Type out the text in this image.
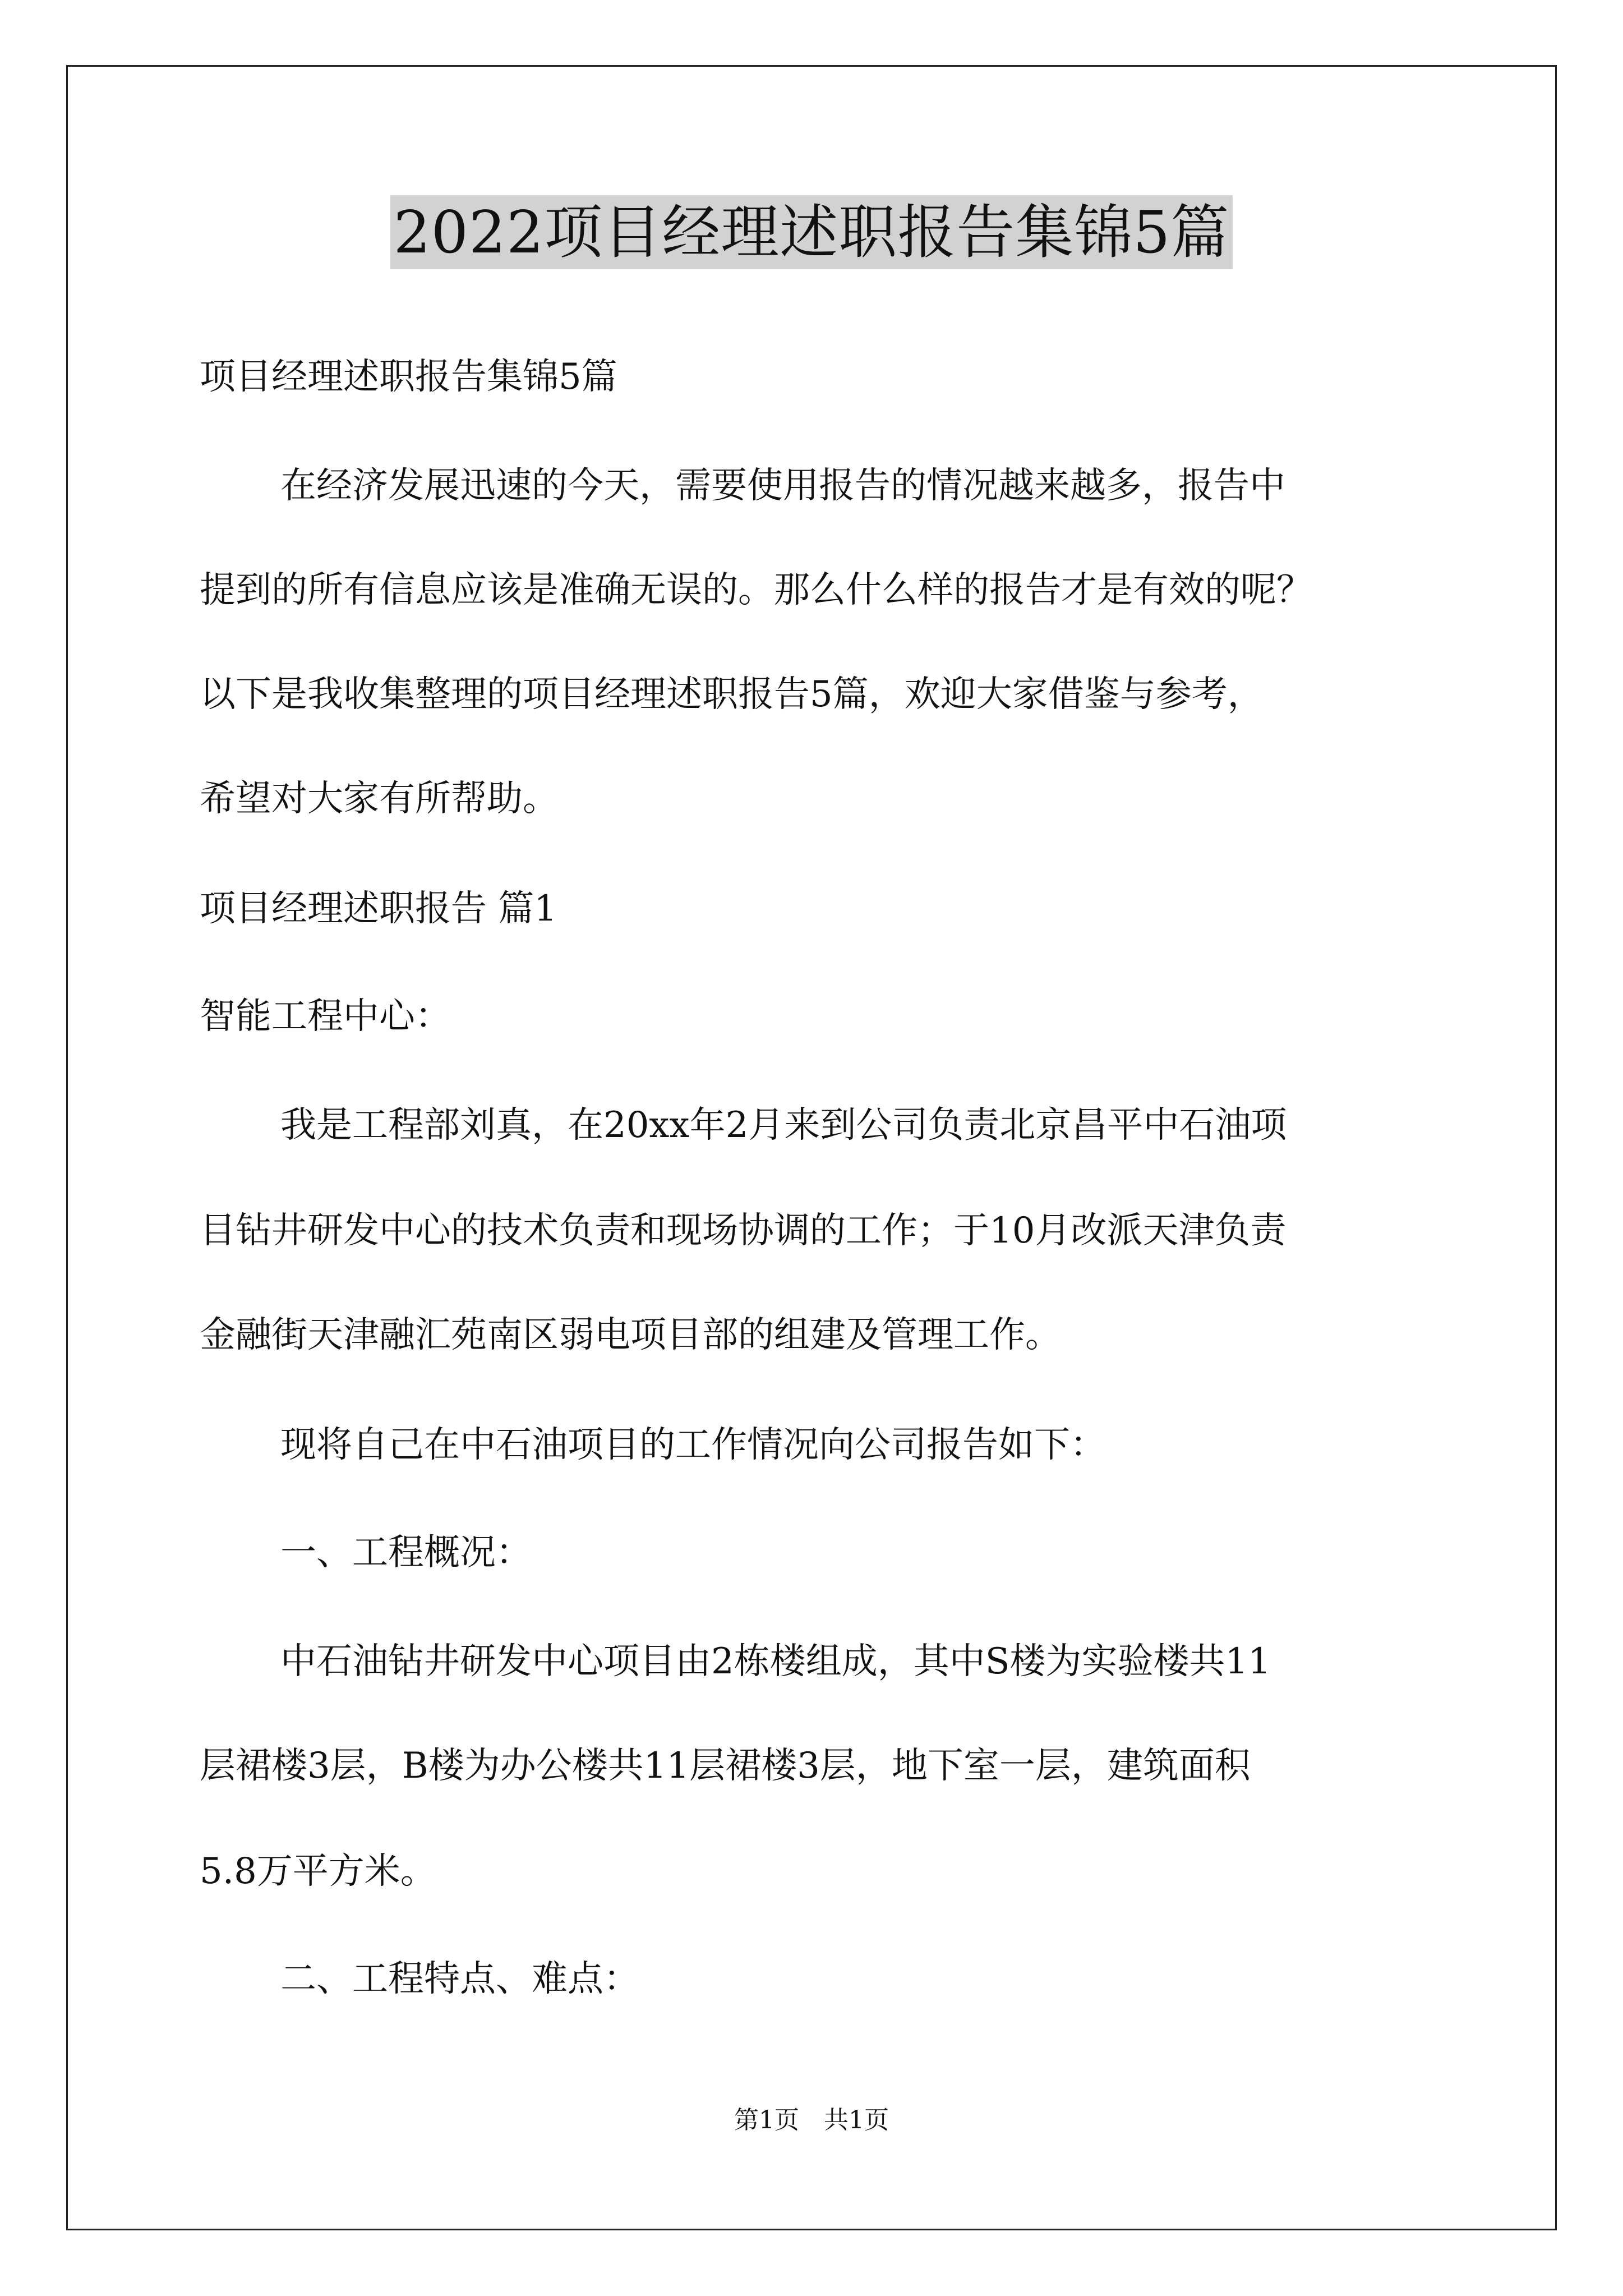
2022项目经理述职报告集锦5篇
项目经理述职报告集锦5篇
在经济发展迅速的今天，需要使用报告的情况越来越多，报告中
提到的所有信息应该是准确无误的。那么什么样的报告才是有效的呢？
以下是我收集整理的项目经理述职报告5篇，欢迎大家借鉴与参考，
希望对大家有所帮助。
项目经理述职报告 篇1
智能工程中心：
我是工程部刘真，在20xx年2月来到公司负责北京昌平中石油项
目钻井研发中心的技术负责和现场协调的工作；于10月改派天津负责
金融街天津融汇苑南区弱电项目部的组建及管理工作。
现将自己在中石油项目的工作情况向公司报告如下：
一、工程概况：
中石油钻井研发中心项目由2栋楼组成，其中S楼为实验楼共11
层裙楼3层，B楼为办公楼共11层裙楼3层，地下室一层，建筑面积
5.8万平方米。
二、工程特点、难点：
第1页　共1页
